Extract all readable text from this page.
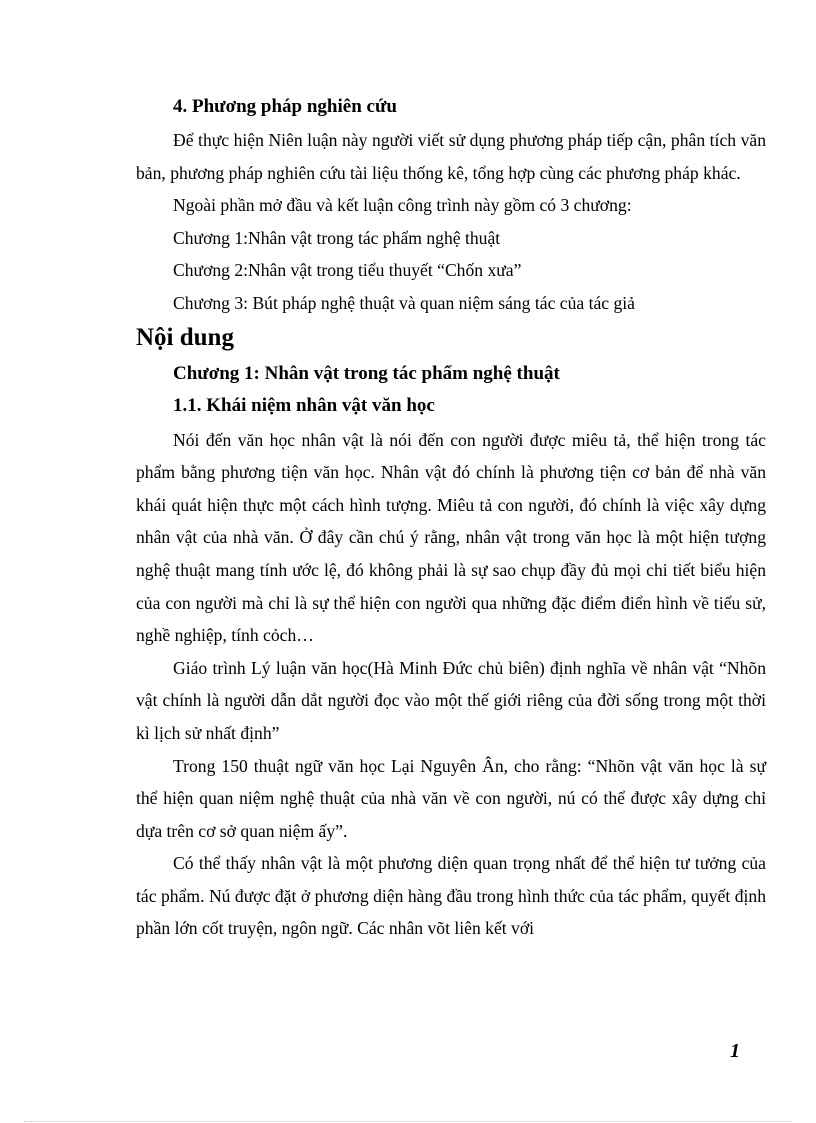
4. Phương pháp nghiên cứu

Để thực hiện Niên luận này người viết sử dụng phương pháp tiếp cận, phân tích văn bản, phương pháp nghiên cứu tài liệu thống kê, tổng hợp cùng các phương pháp khác.

Ngoài phần mở đầu và kết luận công trình này gồm có 3 chương:

Chương 1:Nhân vật trong tác phẩm nghệ thuật

Chương 2:Nhân vật trong tiểu thuyết “Chốn xưa”

Chương 3: Bút pháp nghệ thuật và quan niệm sáng tác của tác giả

Nội dung
Chương 1: Nhân vật trong tác phẩm nghệ thuật
1.1. Khái niệm nhân vật văn học

Nói đến văn học nhân vật là nói đến con người được miêu tả, thể hiện trong tác phẩm bằng phương tiện văn học. Nhân vật đó chính là phương tiện cơ bản để nhà văn khái quát hiện thực một cách hình tượng. Miêu tả con người, đó chính là việc xây dựng nhân vật của nhà văn. Ở đây cần chú ý rằng, nhân vật trong văn học là một hiện tượng nghệ thuật mang tính ước lệ, đó không phải là sự sao chụp đầy đủ mọi chi tiết biểu hiện của con người mà chỉ là sự thể hiện con người qua những đặc điểm điển hình về tiểu sử, nghề nghiệp, tính cỏch…

Giáo trình Lý luận văn học(Hà Minh Đức chủ biên) định nghĩa về nhân vật “Nhõn vật chính là người dẫn dắt người đọc vào một thế giới riêng của đời sống trong một thời kì lịch sử nhất định”

Trong 150 thuật ngữ văn học Lại Nguyên Ân, cho rằng: “Nhõn vật văn học là sự thể hiện quan niệm nghệ thuật của nhà văn về con người, nú có thể được xây dựng chỉ dựa trên cơ sở quan niệm ấy”.

Có thể thấy nhân vật là một phương diện quan trọng nhất để thể hiện tư tưởng của tác phẩm. Nú được đặt ở phương diện hàng đầu trong hình thức của tác phẩm, quyết định phần lớn cốt truyện, ngôn ngữ. Các nhân võt liên kết với

1
